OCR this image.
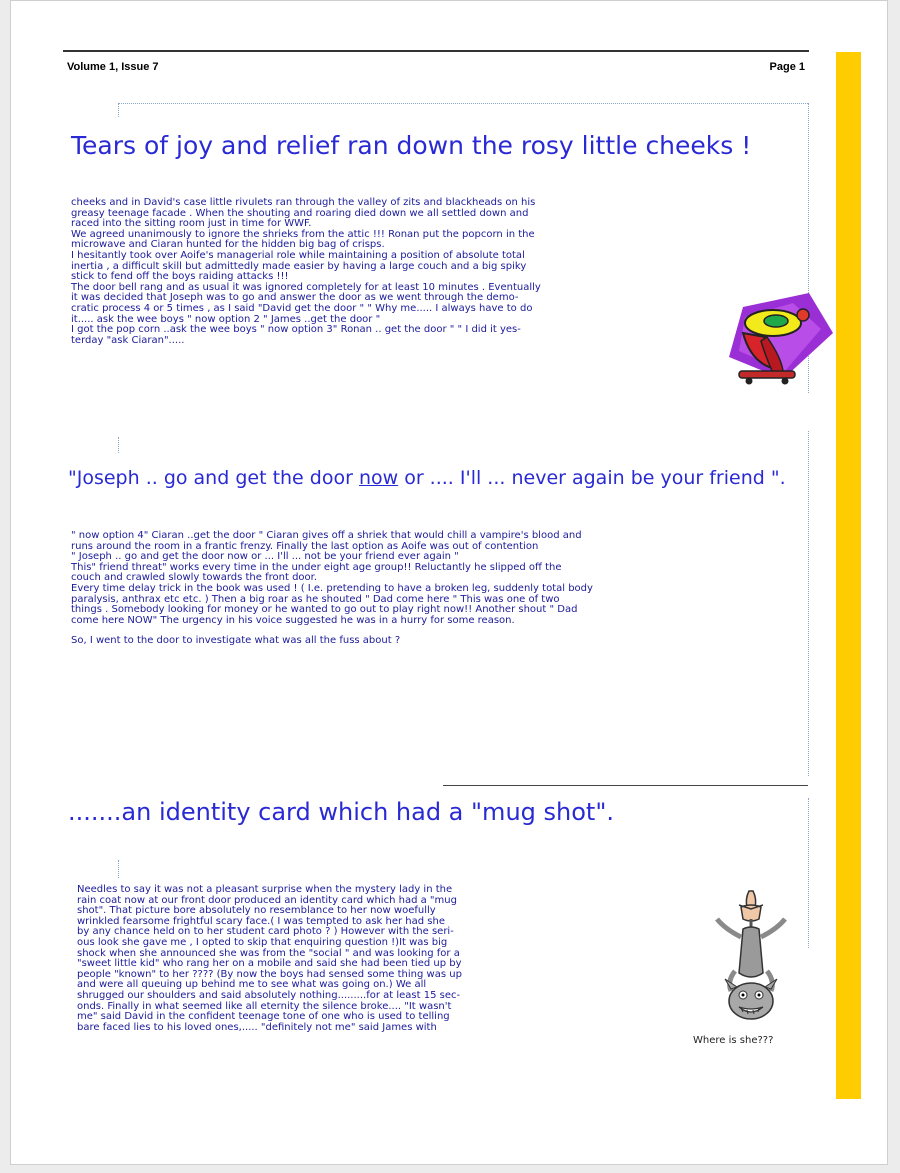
Volume 1, Issue 7	Page 1
Tears of joy and relief ran down the rosy little cheeks !

cheeks and in David's case little rivulets ran through the valley of zits and blackheads on his

greasy teenage facade . When the shouting and roaring died down we all settled down and

raced into the sitting room just in time for WWF.

We agreed unanimously to ignore the shrieks from the attic !!! Ronan put the popcorn in the

microwave and Ciaran hunted for the hidden big bag of crisps.

I hesitantly took over Aoife's managerial role while maintaining a position of absolute total

inertia , a difficult skill but admittedly made easier by having a large couch and a big spiky

stick to fend off the boys raiding attacks !!!

The door bell rang and as usual it was ignored completely for at least 10 minutes . Eventually

it was decided that Joseph was to go and answer the door as we went through the demo-

cratic process 4 or 5 times , as I said "David get the door " " Why me..... I always have to do

it..... ask the wee boys " now option 2 " James ..get the door "

I got the pop corn ..ask the wee boys " now option 3" Ronan .. get the door " " I did it yes-

terday "ask Ciaran".....

"Joseph .. go and get the door now or .... I'll ... never again be your friend ".

" now option 4" Ciaran ..get the door " Ciaran gives off a shriek that would chill a vampire's blood and

runs around the room in a frantic frenzy. Finally the last option as Aoife was out of contention

" Joseph .. go and get the door now or ... I'll ... not be your friend ever again "

This" friend threat" works every time in the under eight age group!! Reluctantly he slipped off the

couch and crawled slowly towards the front door.

Every time delay trick in the book was used ! ( I.e. pretending to have a broken leg, suddenly total body

paralysis, anthrax etc etc. ) Then a big roar as he shouted " Dad come here " This was one of two

things . Somebody looking for money or he wanted to go out to play right now!! Another shout " Dad

come here NOW" The urgency in his voice suggested he was in a hurry for some reason.

So, I went to the door to investigate what was all the fuss about ?

.......an identity card which had a "mug shot".

Needles to say it was not a pleasant surprise when the mystery lady in the

rain coat now at our front door produced an identity card which had a "mug

shot". That picture bore absolutely no resemblance to her now woefully

wrinkled fearsome frightful scary face.( I was tempted to ask her had she

by any chance held on to her student card photo ? ) However with the seri-

ous look she gave me , I opted to skip that enquiring question !)It was big

shock when she announced she was from the "social " and was looking for a

"sweet little kid" who rang her on a mobile and said she had been tied up by

people "known" to her ???? (By now the boys had sensed some thing was up

and were all queuing up behind me to see what was going on.) We all

shrugged our shoulders and said absolutely nothing.........for at least 15 sec-

onds. Finally in what seemed like all eternity the silence broke.... "It wasn't

me" said David in the confident teenage tone of one who is used to telling

bare faced lies to his loved ones,..... "definitely not me" said James with

Where is she???
